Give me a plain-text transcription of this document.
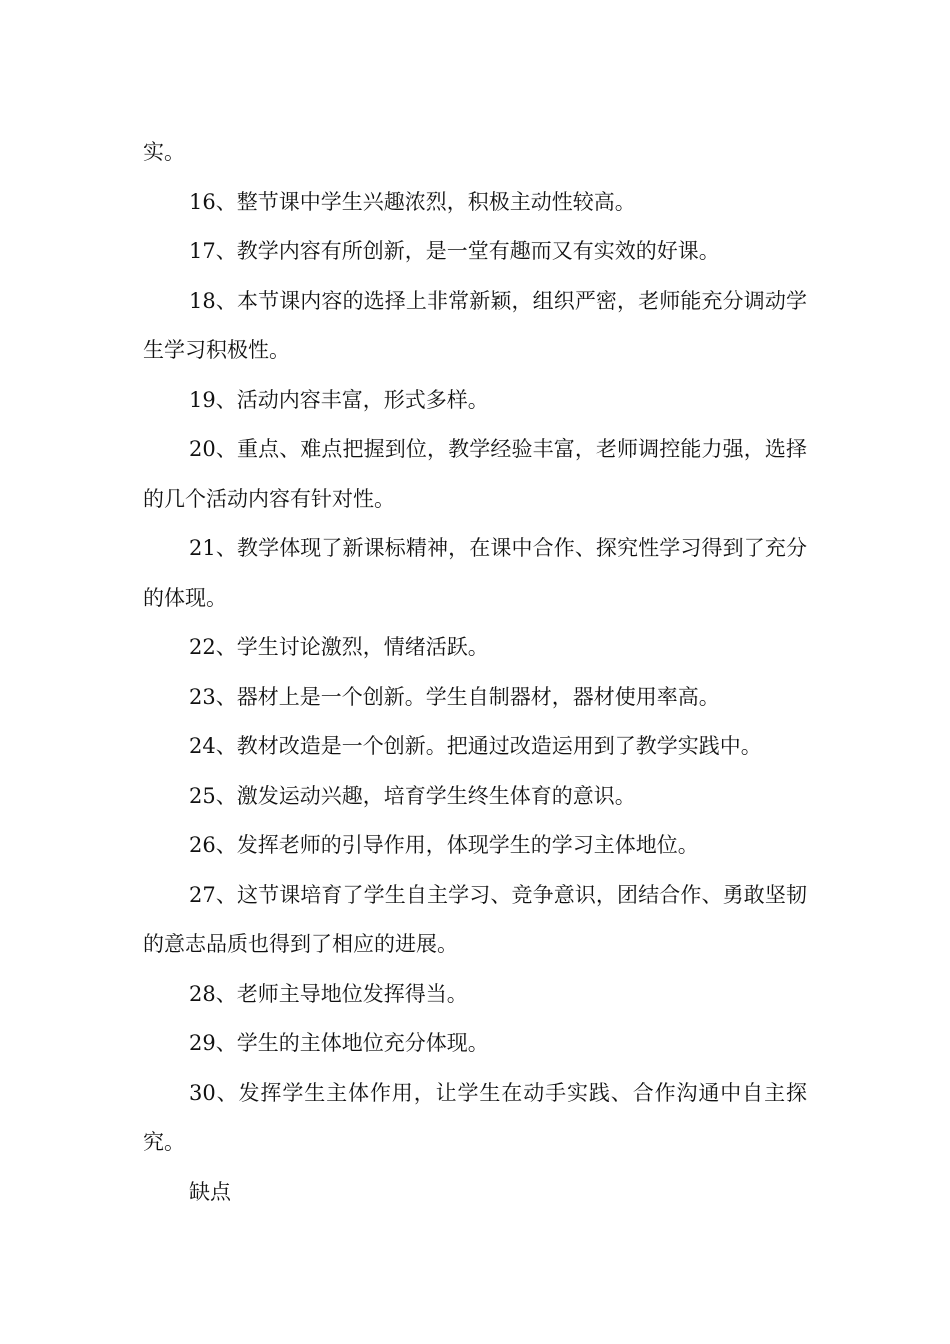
实。

16、整节课中学生兴趣浓烈，积极主动性较高。

17、教学内容有所创新，是一堂有趣而又有实效的好课。

18、本节课内容的选择上非常新颖，组织严密，老师能充分调动学生学习积极性。

19、活动内容丰富，形式多样。

20、重点、难点把握到位，教学经验丰富，老师调控能力强，选择的几个活动内容有针对性。

21、教学体现了新课标精神，在课中合作、探究性学习得到了充分的体现。

22、学生讨论激烈，情绪活跃。

23、器材上是一个创新。学生自制器材，器材使用率高。

24、教材改造是一个创新。把通过改造运用到了教学实践中。

25、激发运动兴趣，培育学生终生体育的意识。

26、发挥老师的引导作用，体现学生的学习主体地位。

27、这节课培育了学生自主学习、竞争意识，团结合作、勇敢坚韧的意志品质也得到了相应的进展。

28、老师主导地位发挥得当。

29、学生的主体地位充分体现。

30、发挥学生主体作用，让学生在动手实践、合作沟通中自主探究。

缺点
